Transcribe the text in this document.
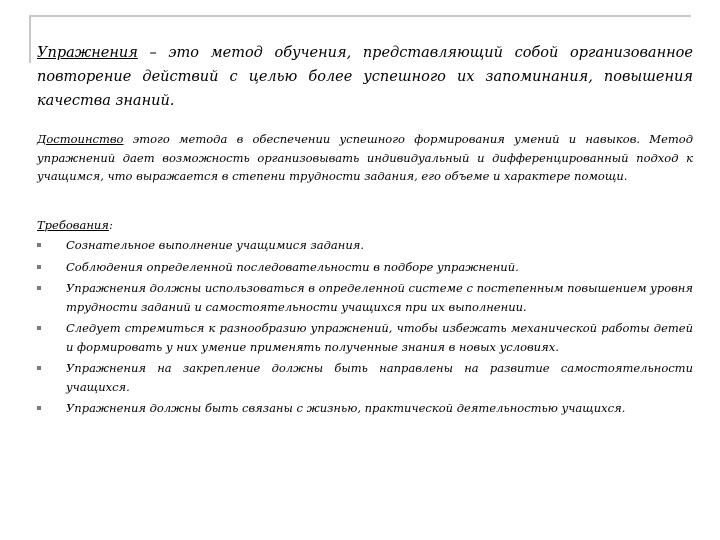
Упражнения – это метод обучения, представляющий собой организованное повторение действий с целью более успешного их запоминания, повышения качества знаний.

Достоинство этого метода в обеспечении успешного формирования умений и навыков. Метод упражнений дает возможность организовывать индивидуальный и дифференцированный подход к учащимся, что выражается в степени трудности задания, его объеме и характере помощи.

Требования:
Сознательное выполнение учащимися задания.
Соблюдения определенной последовательности в подборе упражнений.
Упражнения должны использоваться в определенной системе с постепенным повышением уровня трудности заданий и самостоятельности учащихся при их выполнении.
Следует стремиться к разнообразию упражнений, чтобы избежать механической работы детей и формировать у них умение применять полученные знания в новых условиях.
Упражнения на закрепление должны быть направлены на развитие самостоятельности учащихся.
Упражнения должны быть связаны с жизнью, практической деятельностью учащихся.
